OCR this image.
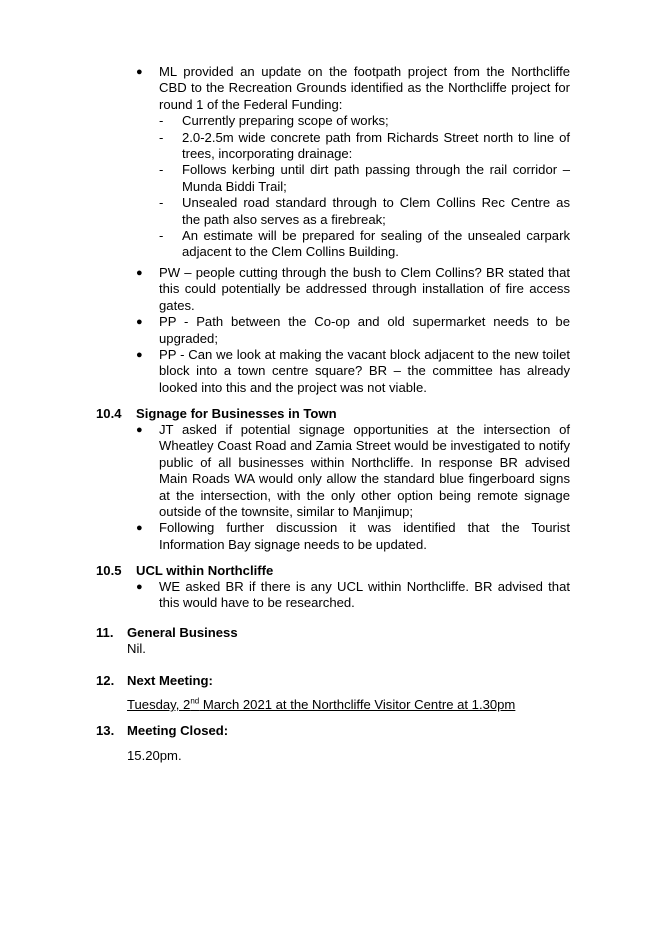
● ML provided an update on the footpath project from the Northcliffe CBD to the Recreation Grounds identified as the Northcliffe project for round 1 of the Federal Funding:
- Currently preparing scope of works;
- 2.0-2.5m wide concrete path from Richards Street north to line of trees, incorporating drainage:
- Follows kerbing until dirt path passing through the rail corridor – Munda Biddi Trail;
- Unsealed road standard through to Clem Collins Rec Centre as the path also serves as a firebreak;
- An estimate will be prepared for sealing of the unsealed carpark adjacent to the Clem Collins Building.
● PW – people cutting through the bush to Clem Collins? BR stated that this could potentially be addressed through installation of fire access gates.
● PP - Path between the Co-op and old supermarket needs to be upgraded;
● PP - Can we look at making the vacant block adjacent to the new toilet block into a town centre square? BR – the committee has already looked into this and the project was not viable.
10.4 Signage for Businesses in Town
● JT asked if potential signage opportunities at the intersection of Wheatley Coast Road and Zamia Street would be investigated to notify public of all businesses within Northcliffe. In response BR advised Main Roads WA would only allow the standard blue fingerboard signs at the intersection, with the only other option being remote signage outside of the townsite, similar to Manjimup;
● Following further discussion it was identified that the Tourist Information Bay signage needs to be updated.
10.5 UCL within Northcliffe
● WE asked BR if there is any UCL within Northcliffe. BR advised that this would have to be researched.
11. General Business
Nil.
12. Next Meeting:
Tuesday, 2nd March 2021 at the Northcliffe Visitor Centre at 1.30pm
13. Meeting Closed:
15.20pm.
